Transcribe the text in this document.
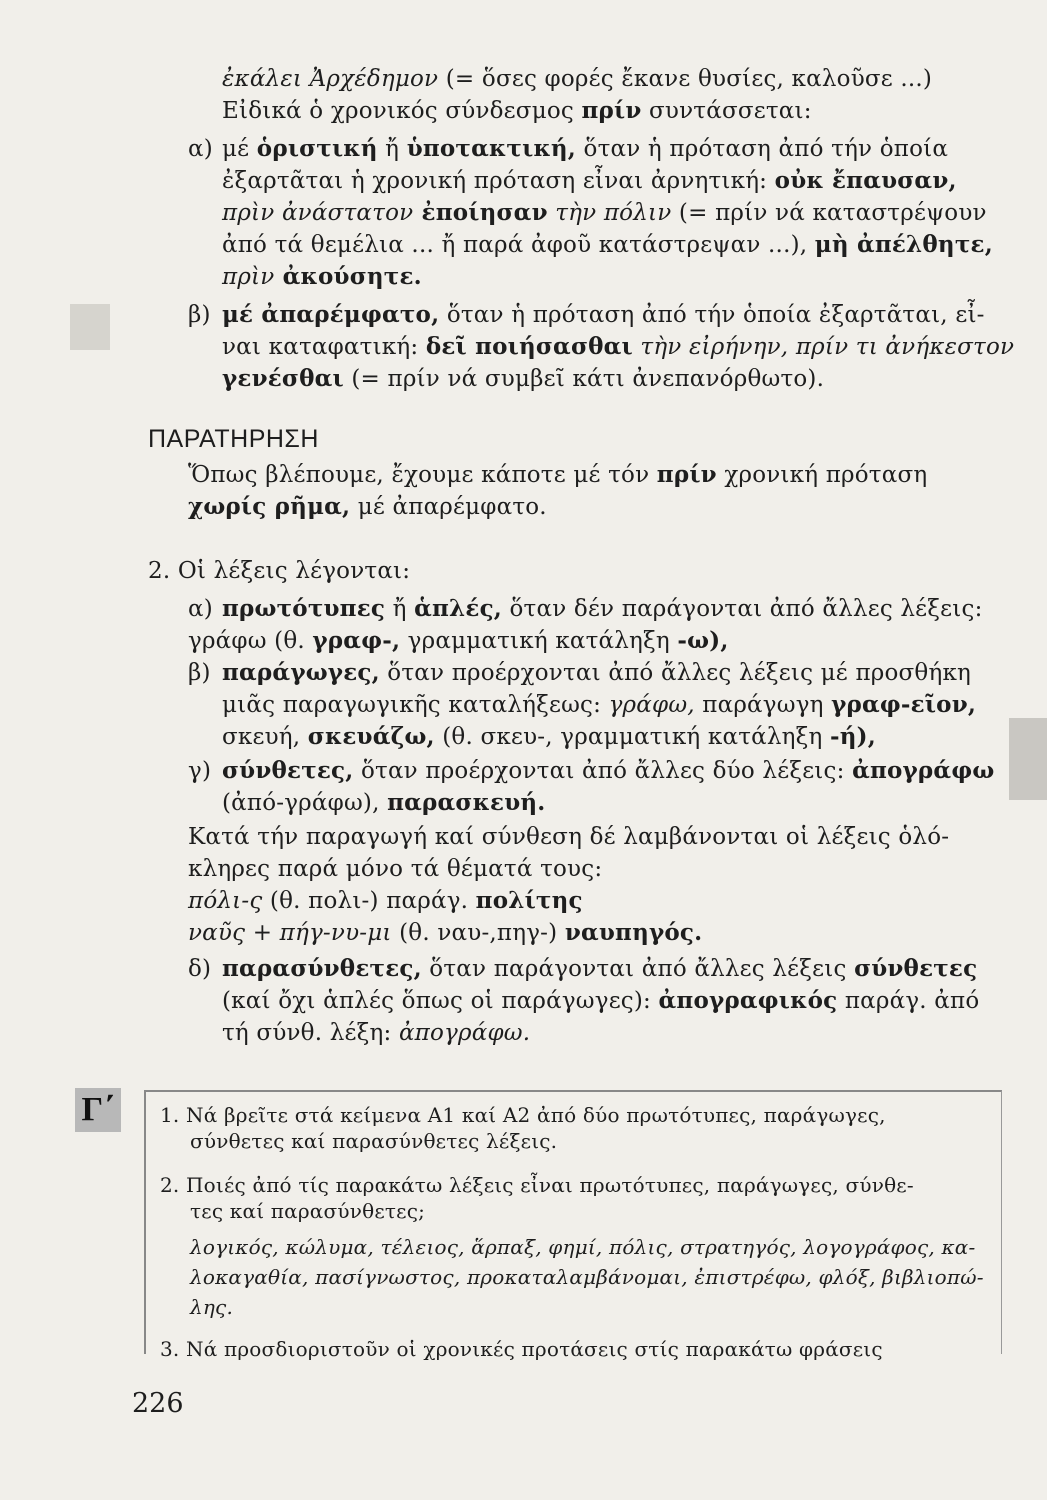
ἐκάλει Ἀρχέδημον (= ὅσες φορές ἔκανε θυσίες, καλοῦσε ...)
Εἰδικά ὁ χρονικός σύνδεσμος πρίν συντάσσεται:
α) μέ ὁριστική ἤ ὑποτακτική, ὅταν ἡ πρόταση ἀπό τήν ὁποία
ἐξαρτᾶται ἡ χρονική πρόταση εἶναι ἀρνητική: οὐκ ἔπαυσαν,
πρὶν ἀνάστατον ἐποίησαν τὴν πόλιν (= πρίν νά καταστρέψουν
ἀπό τά θεμέλια ... ἤ παρά ἀφοῦ κατάστρεψαν ...), μὴ ἀπέλθητε,
πρὶν ἀκούσητε.
β) μέ ἀπαρέμφατο, ὅταν ἡ πρόταση ἀπό τήν ὁποία ἐξαρτᾶται, εἶ-
ναι καταφατική: δεῖ ποιήσασθαι τὴν εἰρήνην, πρίν τι ἀνήκεστον
γενέσθαι (= πρίν νά συμβεῖ κάτι ἀνεπανόρθωτο).
ΠΑΡΑΤΗΡΗΣΗ
Ὅπως βλέπουμε, ἔχουμε κάποτε μέ τόν πρίν χρονική πρόταση
χωρίς ρῆμα, μέ ἀπαρέμφατο.
2. Οἱ λέξεις λέγονται:
α) πρωτότυπες ἤ ἁπλές, ὅταν δέν παράγονται ἀπό ἄλλες λέξεις:
γράφω (θ. γραφ-, γραμματική κατάληξη -ω),
β) παράγωγες, ὅταν προέρχονται ἀπό ἄλλες λέξεις μέ προσθήκη
μιᾶς παραγωγικῆς καταλήξεως: γράφω, παράγωγη γραφ-εῖον,
σκευή, σκευάζω, (θ. σκευ-, γραμματική κατάληξη -ή),
γ) σύνθετες, ὅταν προέρχονται ἀπό ἄλλες δύο λέξεις: ἀπογράφω
(ἀπό-γράφω), παρασκευή.
Κατά τήν παραγωγή καί σύνθεση δέ λαμβάνονται οἱ λέξεις ὁλό-
κληρες παρά μόνο τά θέματά τους:
πόλι-ς (θ. πολι-) παράγ. πολίτης
ναῦς + πήγ-νυ-μι (θ. ναυ-,πηγ-) ναυπηγός.
δ) παρασύνθετες, ὅταν παράγονται ἀπό ἄλλες λέξεις σύνθετες
(καί ὄχι ἁπλές ὅπως οἱ παράγωγες): ἀπογραφικός παράγ. ἀπό
τή σύνθ. λέξη: ἀπογράφω.
Γ΄	1. Νά βρεῖτε στά κείμενα Α1 καί Α2 ἀπό δύο πρωτότυπες, παράγωγες,
σύνθετες καί παρασύνθετες λέξεις.
2. Ποιές ἀπό τίς παρακάτω λέξεις εἶναι πρωτότυπες, παράγωγες, σύνθε-
τες καί παρασύνθετες;
λογικός, κώλυμα, τέλειος, ἅρπαξ, φημί, πόλις, στρατηγός, λογογράφος, κα-
λοκαγαθία, πασίγνωστος, προκαταλαμβάνομαι, ἐπιστρέφω, φλόξ, βιβλιοπώ-
λης.
3. Νά προσδιοριστοῦν οἱ χρονικές προτάσεις στίς παρακάτω φράσεις
226
